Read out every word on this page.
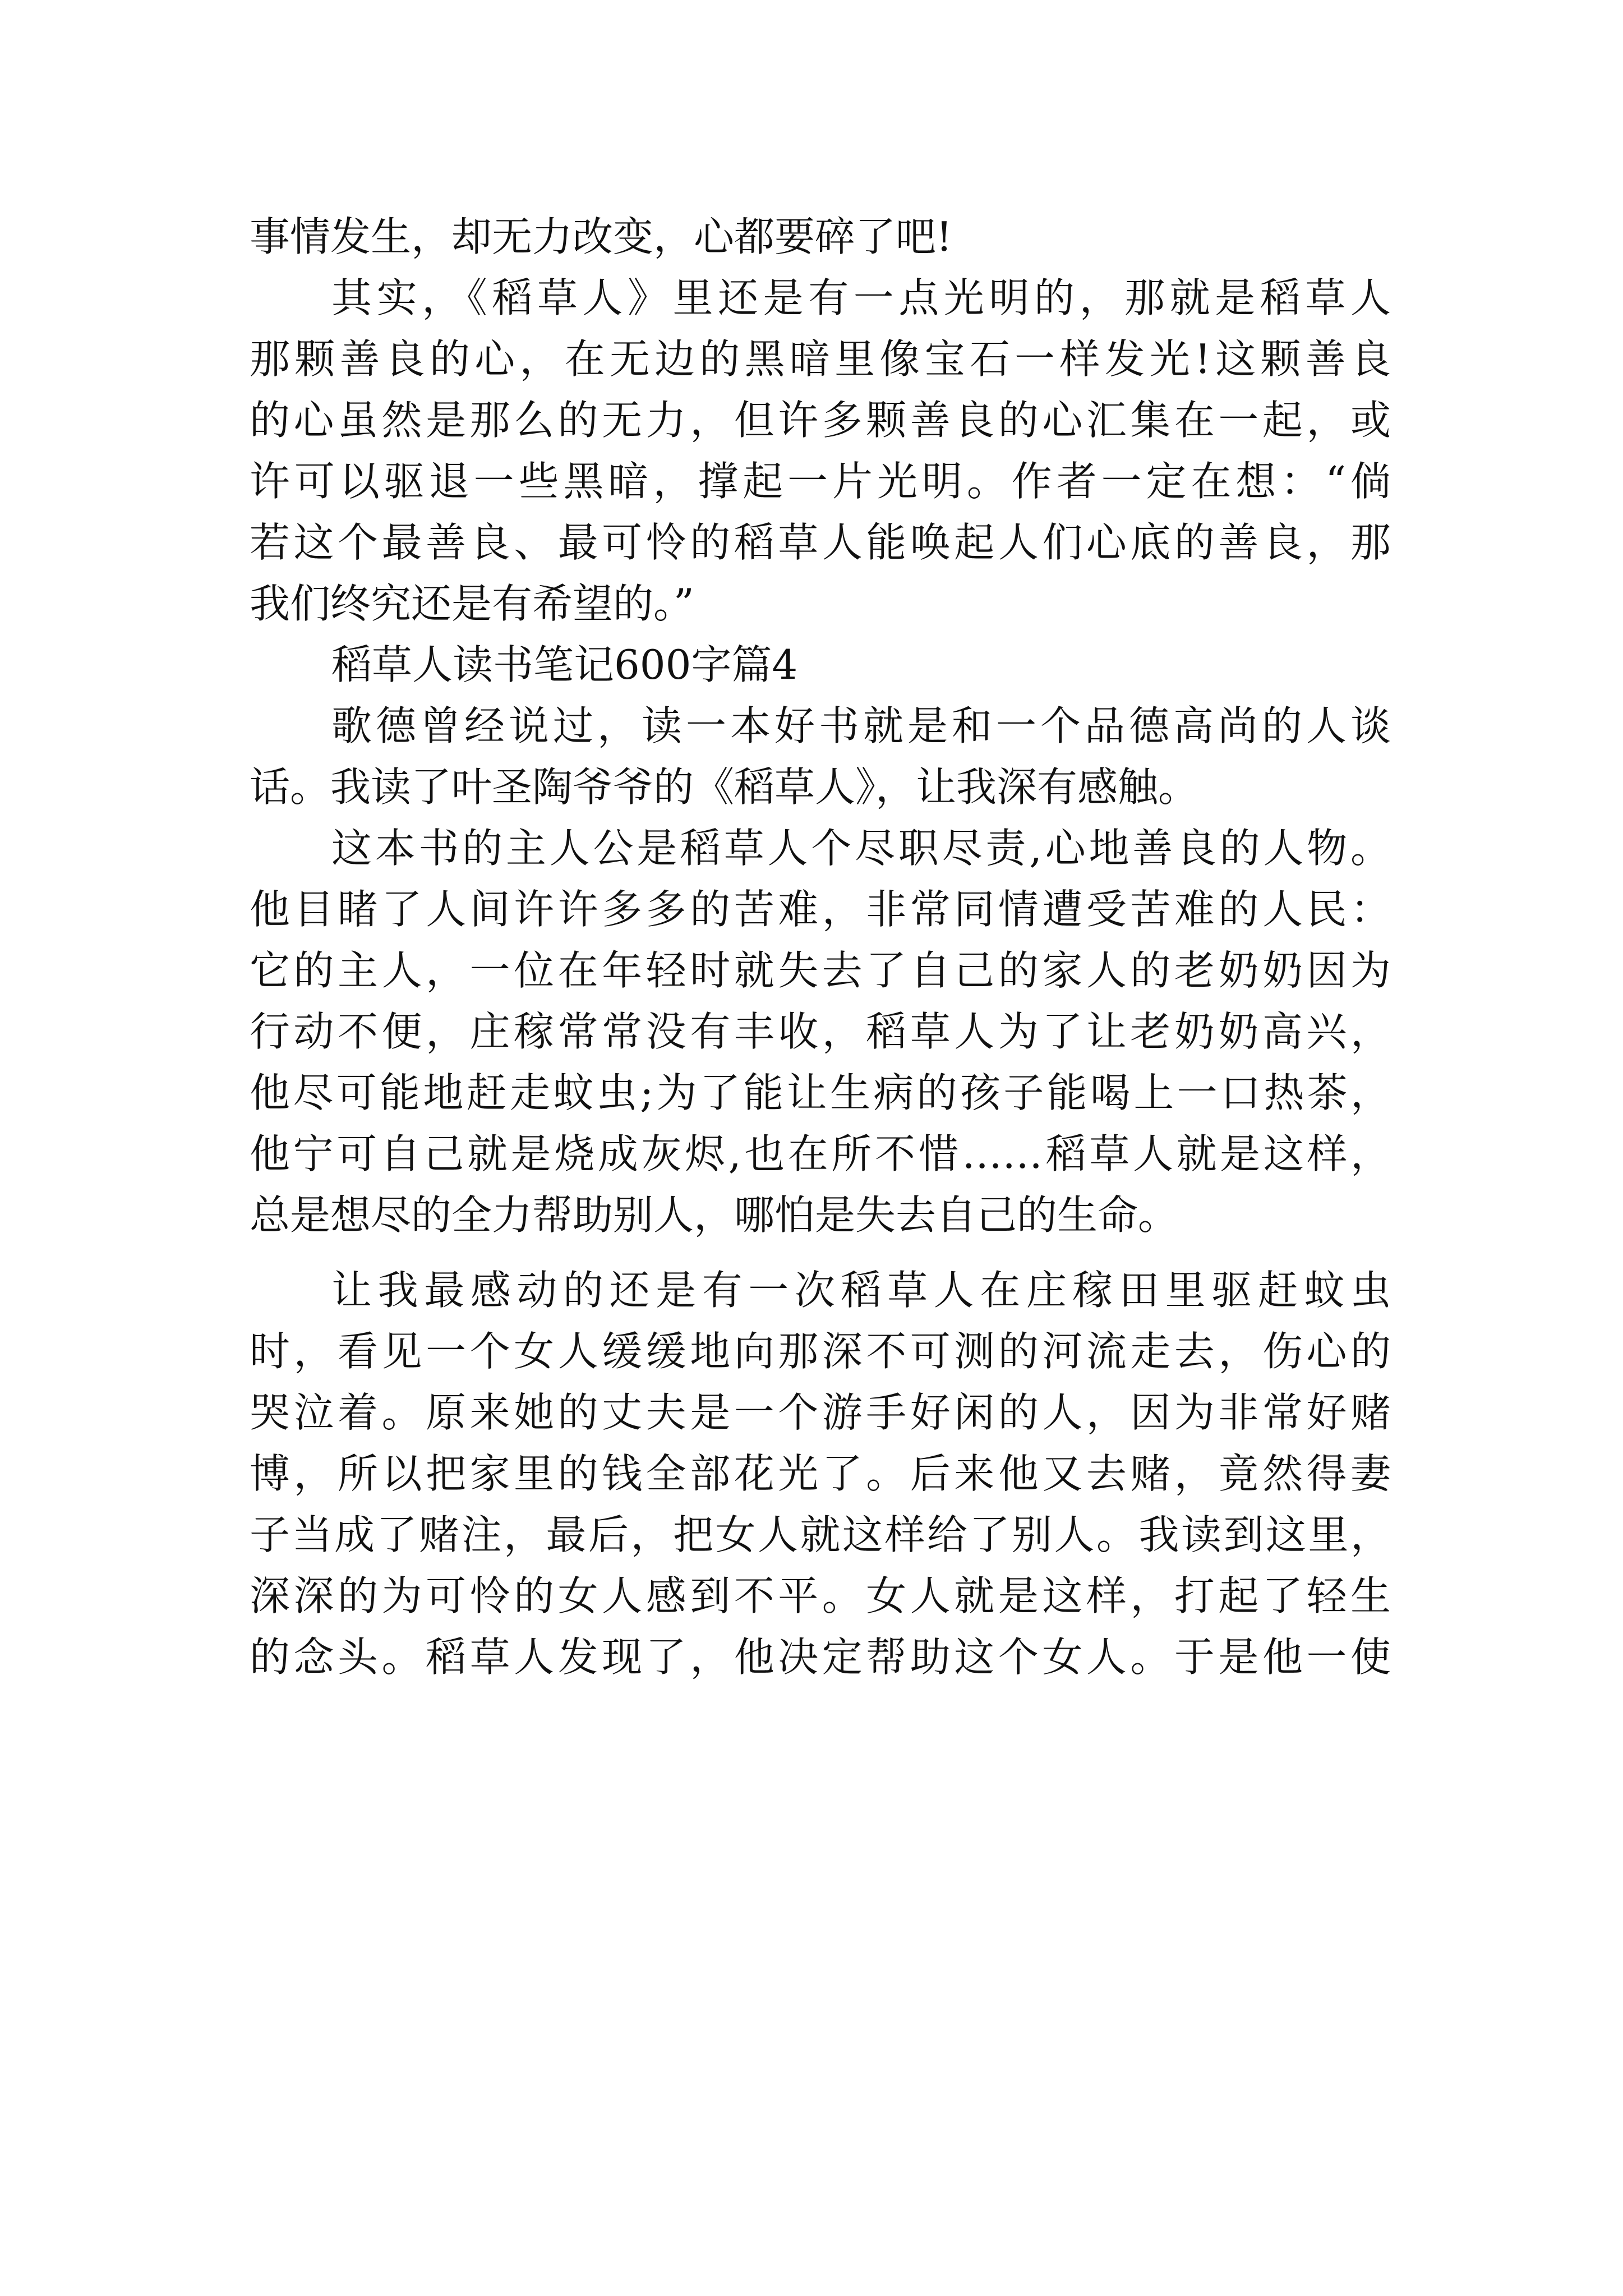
事情发生，却无力改变，心都要碎了吧!
其实，《稻草人》里还是有一点光明的，那就是稻草人
那颗善良的心，在无边的黑暗里像宝石一样发光!这颗善良
的心虽然是那么的无力，但许多颗善良的心汇集在一起，或
许可以驱退一些黑暗，撑起一片光明。作者一定在想：“倘
若这个最善良、最可怜的稻草人能唤起人们心底的善良，那
我们终究还是有希望的。”
稻草人读书笔记600字篇4
歌德曾经说过，读一本好书就是和一个品德高尚的人谈
话。我读了叶圣陶爷爷的《稻草人》，让我深有感触。
这本书的主人公是稻草人个尽职尽责,心地善良的人物。
他目睹了人间许许多多的苦难，非常同情遭受苦难的人民：
它的主人，一位在年轻时就失去了自己的家人的老奶奶因为
行动不便，庄稼常常没有丰收，稻草人为了让老奶奶高兴，
他尽可能地赶走蚊虫;为了能让生病的孩子能喝上一口热茶，
他宁可自己就是烧成灰烬,也在所不惜……稻草人就是这样，
总是想尽的全力帮助别人，哪怕是失去自己的生命。
让我最感动的还是有一次稻草人在庄稼田里驱赶蚊虫
时，看见一个女人缓缓地向那深不可测的河流走去，伤心的
哭泣着。原来她的丈夫是一个游手好闲的人，因为非常好赌
博，所以把家里的钱全部花光了。后来他又去赌，竟然得妻
子当成了赌注，最后，把女人就这样给了别人。我读到这里，
深深的为可怜的女人感到不平。女人就是这样，打起了轻生
的念头。稻草人发现了，他决定帮助这个女人。于是他一使
